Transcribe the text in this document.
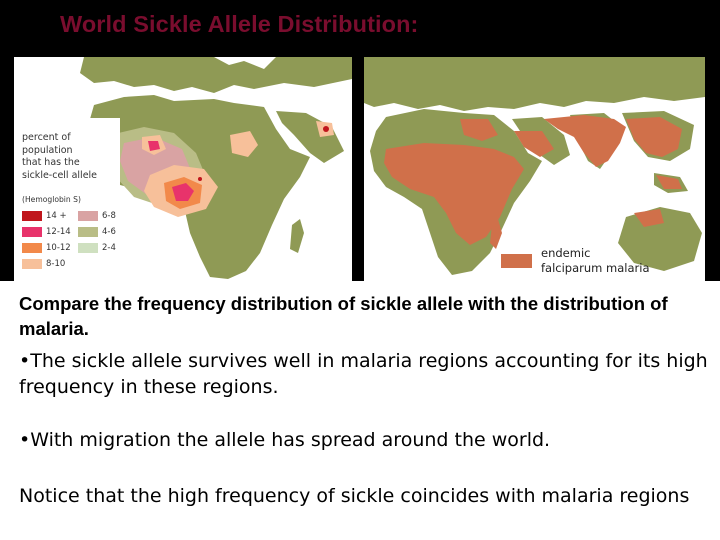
World Sickle Allele Distribution:

percent of
population
that has the
sickle-cell allele

(Hemoglobin S)

14 +
12-14
10-12
8-10
6-8
4-6
2-4	endemic
falciparum malaria

Compare the frequency distribution of sickle allele with the distribution of malaria.

•The sickle allele survives well in malaria regions accounting for its high frequency in these regions.

•With migration the allele has spread around the world.

Notice that the high frequency of sickle coincides with malaria regions
